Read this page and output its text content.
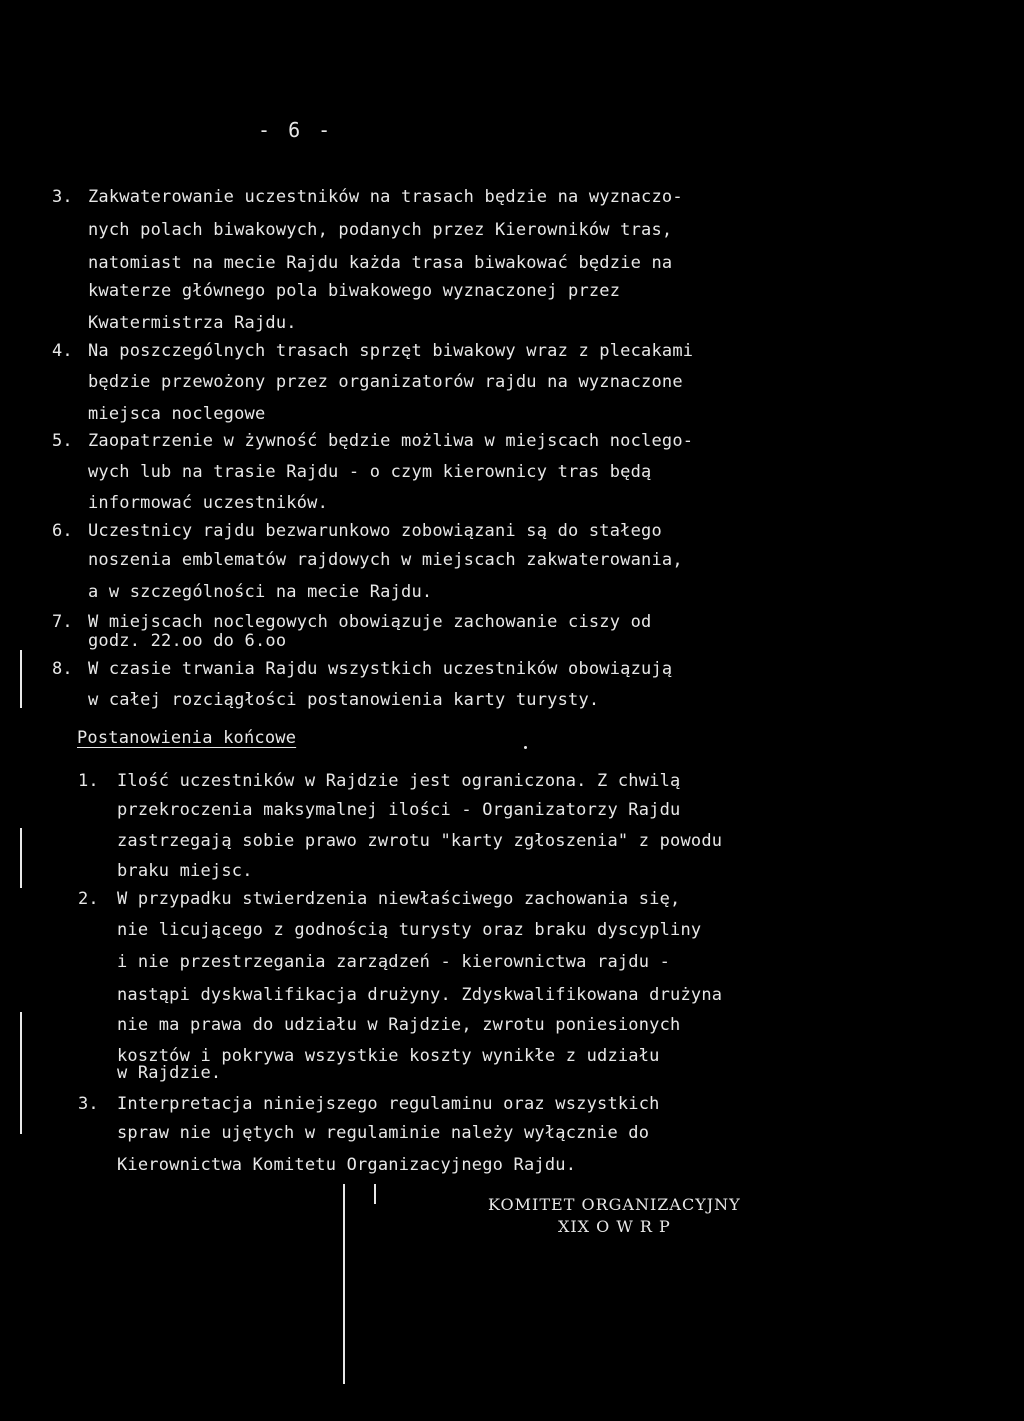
- 6 -
3. Zakwaterowanie uczestników na trasach będzie na wyznaczo-
nych polach biwakowych, podanych przez Kierowników tras,
natomiast na mecie Rajdu każda trasa biwakować będzie na
kwaterze głównego pola biwakowego wyznaczonej przez
Kwatermistrza Rajdu.
4. Na poszczególnych trasach sprzęt biwakowy wraz z plecakami
będzie przewożony przez organizatorów rajdu na wyznaczone
miejsca noclegowe
5. Zaopatrzenie w żywność będzie możliwa w miejscach noclego-
wych lub na trasie Rajdu - o czym kierownicy tras będą
informować uczestników.
6. Uczestnicy rajdu bezwarunkowo zobowiązani są do stałego
noszenia emblematów rajdowych w miejscach zakwaterowania,
a w szczególności na mecie Rajdu.
7. W miejscach noclegowych obowiązuje zachowanie ciszy od
godz. 22.oo do 6.oo
8. W czasie trwania Rajdu wszystkich uczestników obowiązują
w całej rozciągłości postanowienia karty turysty.
Postanowienia końcowe
1. Ilość uczestników w Rajdzie jest ograniczona. Z chwilą
przekroczenia maksymalnej ilości - Organizatorzy Rajdu
zastrzegają sobie prawo zwrotu "karty zgłoszenia" z powodu
braku miejsc.
2. W przypadku stwierdzenia niewłaściwego zachowania się,
nie licującego z godnością turysty oraz braku dyscypliny
i nie przestrzegania zarządzeń - kierownictwa rajdu -
nastąpi dyskwalifikacja drużyny. Zdyskwalifikowana drużyna
nie ma prawa do udziału w Rajdzie, zwrotu poniesionych
kosztów i pokrywa wszystkie koszty wynikłe z udziału
w Rajdzie.
3. Interpretacja niniejszego regulaminu oraz wszystkich
spraw nie ujętych w regulaminie należy wyłącznie do
Kierownictwa Komitetu Organizacyjnego Rajdu.
KOMITET ORGANIZACYJNY
XIX O W R P
